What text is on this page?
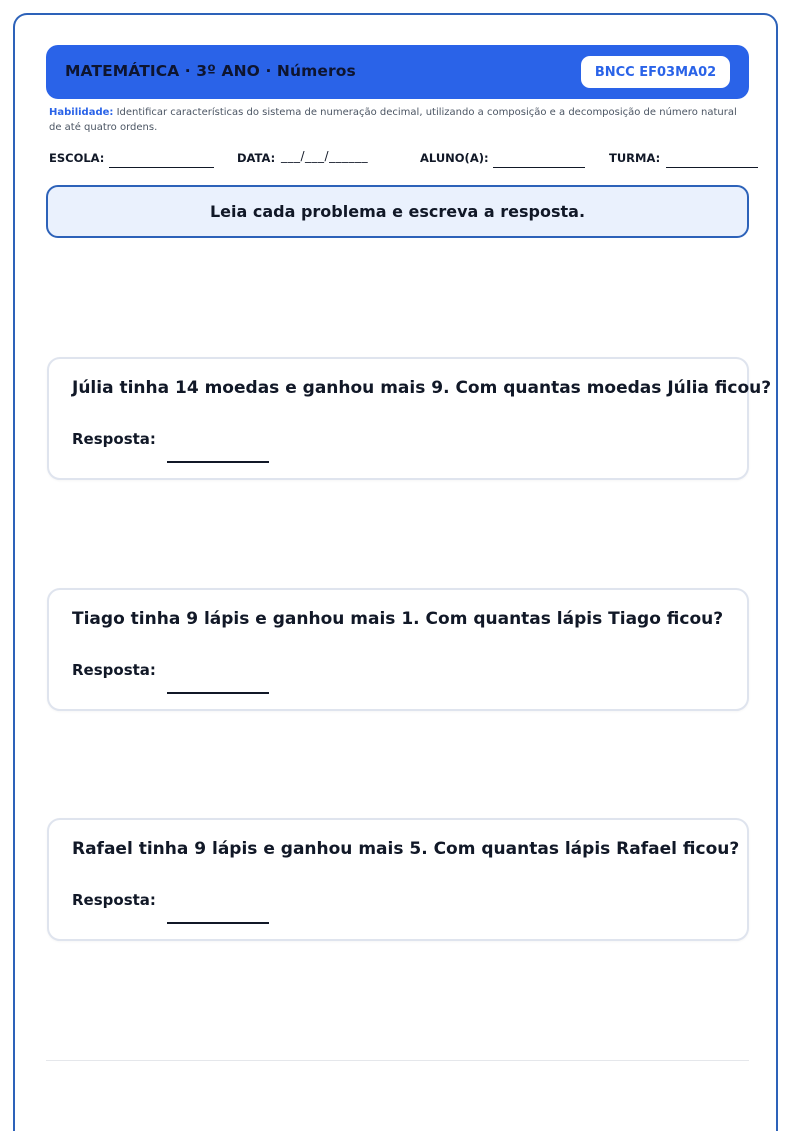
MATEMÁTICA · 3º ANO · Números	BNCC EF03MA02
Habilidade: Identificar características do sistema de numeração decimal, utilizando a composição e a decomposição de número natural de até quatro ordens.
ESCOLA:	DATA: ___/___/______	ALUNO(A):	TURMA:
Leia cada problema e escreva a resposta.
Júlia tinha 14 moedas e ganhou mais 9. Com quantas moedas Júlia ficou?
Resposta:
Tiago tinha 9 lápis e ganhou mais 1. Com quantas lápis Tiago ficou?
Resposta:
Rafael tinha 9 lápis e ganhou mais 5. Com quantas lápis Rafael ficou?
Resposta:
